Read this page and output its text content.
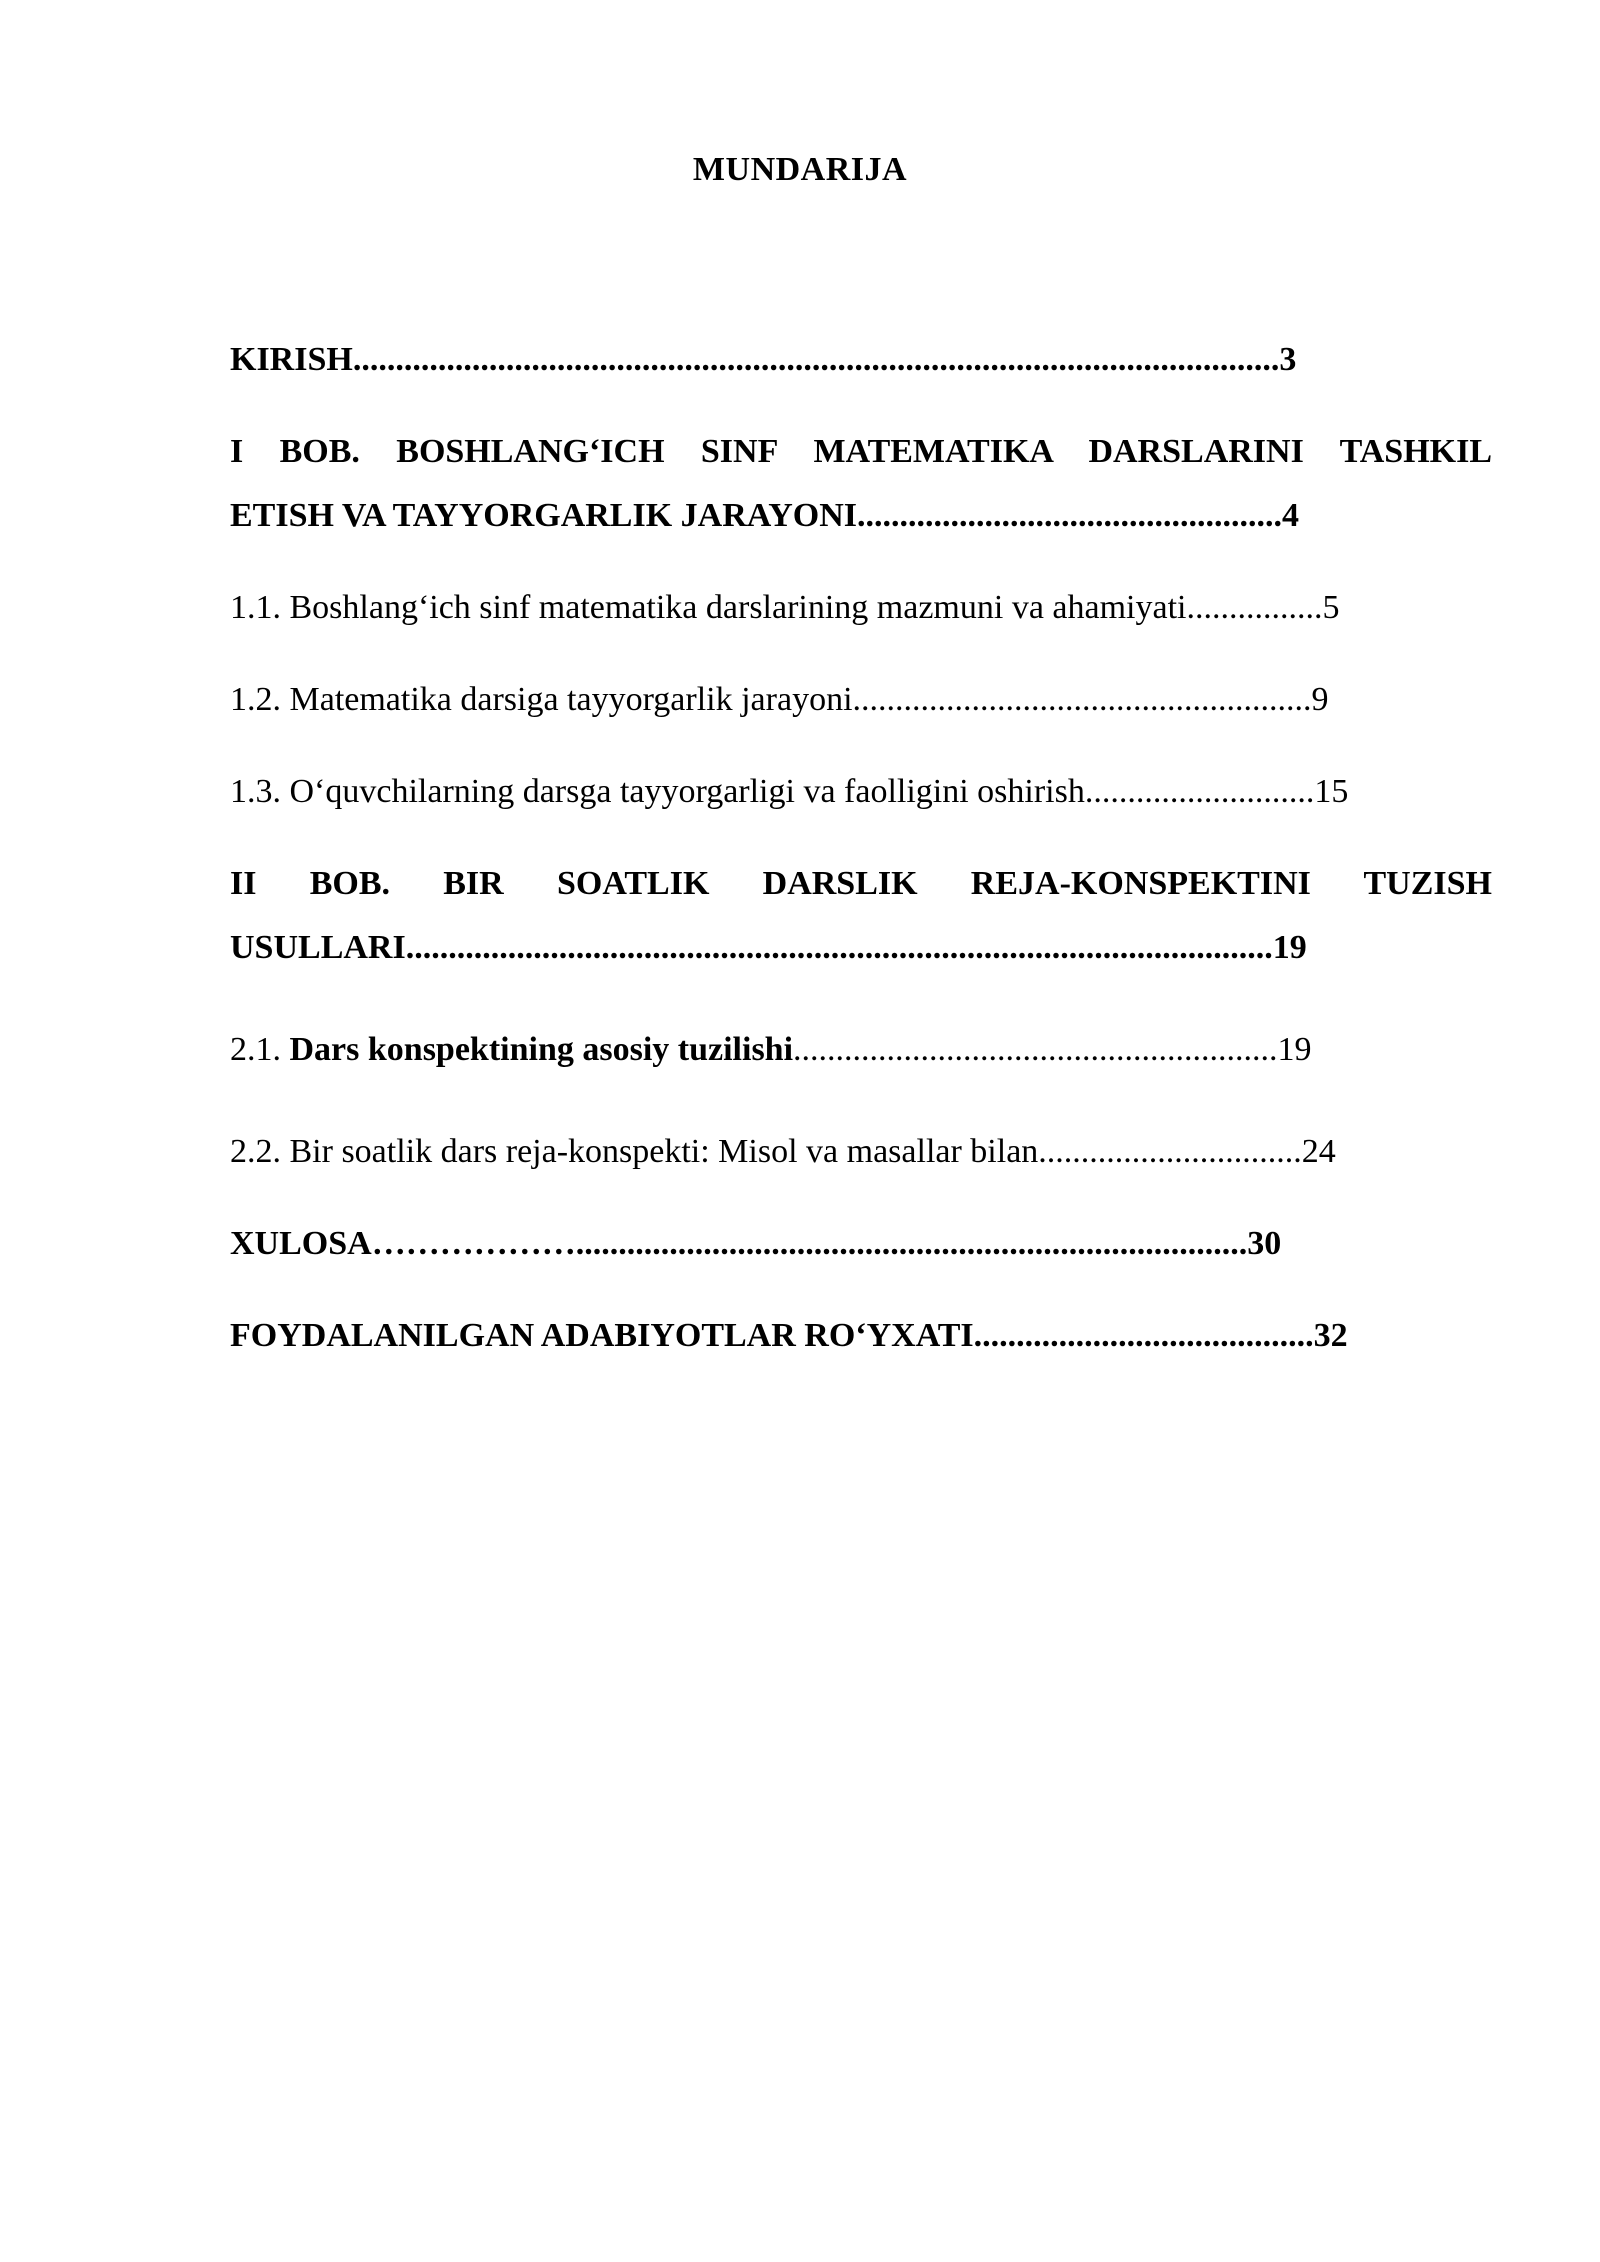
MUNDARIJA
KIRISH.............................................................................................................3
I BOB. BOSHLANG‘ICH SINF MATEMATIKA DARSLARINI TASHKIL
ETISH VA TAYYORGARLIK JARAYONI..................................................4
1.1. Boshlang‘ich sinf matematika darslarining mazmuni va ahamiyati................5
1.2. Matematika darsiga tayyorgarlik jarayoni......................................................9
1.3. O‘quvchilarning darsga tayyorgarligi va faolligini oshirish...........................15
II BOB. BIR SOATLIK DARSLIK REJA-KONSPEKTINI TUZISH
USULLARI......................................................................................................19
2.1. Dars konspektining asosiy tuzilishi.........................................................19
2.2. Bir soatlik dars reja-konspekti: Misol va masallar bilan...............................24
XULOSA………………...............................................................................30
FOYDALANILGAN ADABIYOTLAR RO‘YXATI........................................32
